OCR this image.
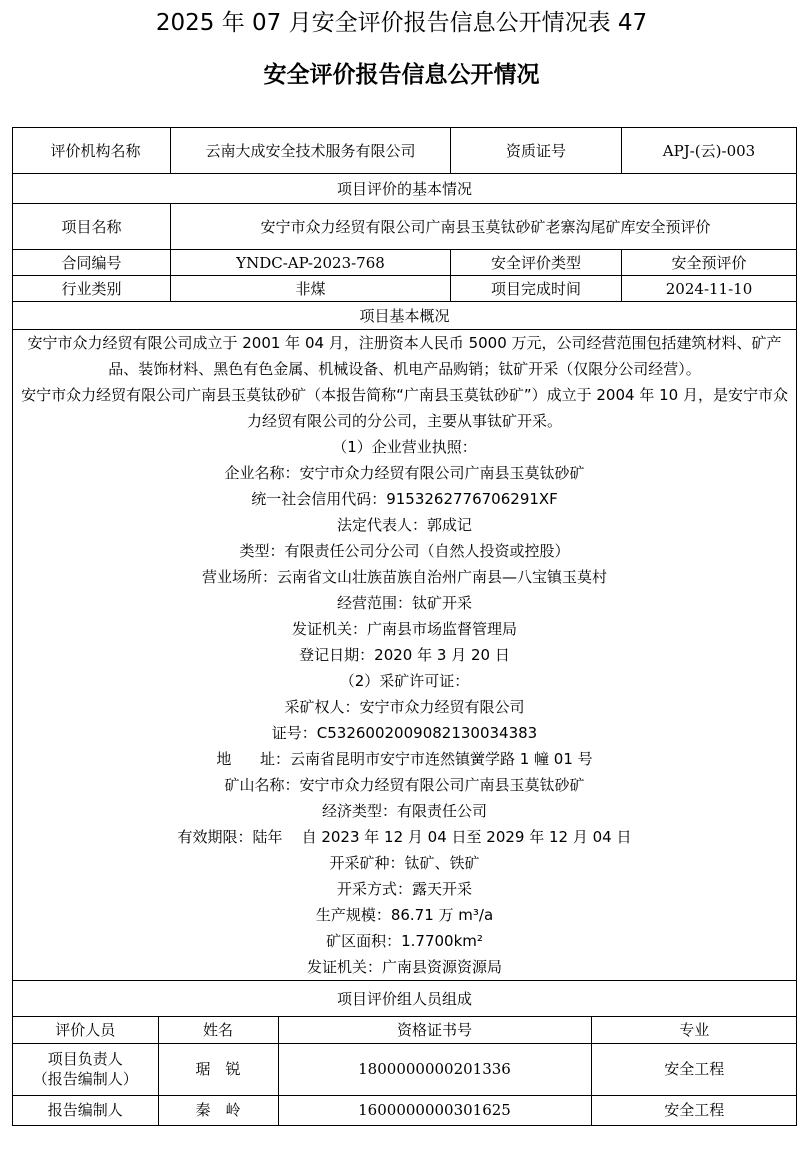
2025 年 07 月安全评价报告信息公开情况表 47
安全评价报告信息公开情况
评价机构名称	云南大成安全技术服务有限公司	资质证号	APJ-(云)-003
项目评价的基本情况
项目名称	安宁市众力经贸有限公司广南县玉莫钛砂矿老寨沟尾矿库安全预评价
合同编号	YNDC-AP-2023-768	安全评价类型	安全预评价
行业类别	非煤	项目完成时间	2024-11-10
项目基本概况

安宁市众力经贸有限公司成立于 2001 年 04 月，注册资本人民币 5000 万元，公司经营范围包括建筑材料、矿产品、装饰材料、黑色有色金属、机械设备、机电产品购销；钛矿开采（仅限分公司经营）。
安宁市众力经贸有限公司广南县玉莫钛砂矿（本报告简称“广南县玉莫钛砂矿”）成立于 2004 年 10 月，是安宁市众力经贸有限公司的分公司，主要从事钛矿开采。
（1）企业营业执照：
企业名称：安宁市众力经贸有限公司广南县玉莫钛砂矿
统一社会信用代码：9153262776706291XF
法定代表人：郭成记
类型：有限责任公司分公司（自然人投资或控股）
营业场所：云南省文山壮族苗族自治州广南县—八宝镇玉莫村
经营范围：钛矿开采
发证机关：广南县市场监督管理局
登记日期：2020 年 3 月 20 日
（2）采矿许可证：
采矿权人：安宁市众力经贸有限公司
证号：C5326002009082130034383
地      址：云南省昆明市安宁市连然镇黉学路 1 幢 01 号
矿山名称：安宁市众力经贸有限公司广南县玉莫钛砂矿
经济类型：有限责任公司
有效期限：陆年    自 2023 年 12 月 04 日至 2029 年 12 月 04 日
开采矿种：钛矿、铁矿
开采方式：露天开采
生产规模：86.71 万 m³/a
矿区面积：1.7700km²
发证机关：广南县资源资源局

项目评价组人员组成

评价人员	姓名	资格证书号	专业

项目负责人
（报告编制人）
	琚　锐	1800000000201336	安全工程
报告编制人	秦　岭	1600000000301625	安全工程
